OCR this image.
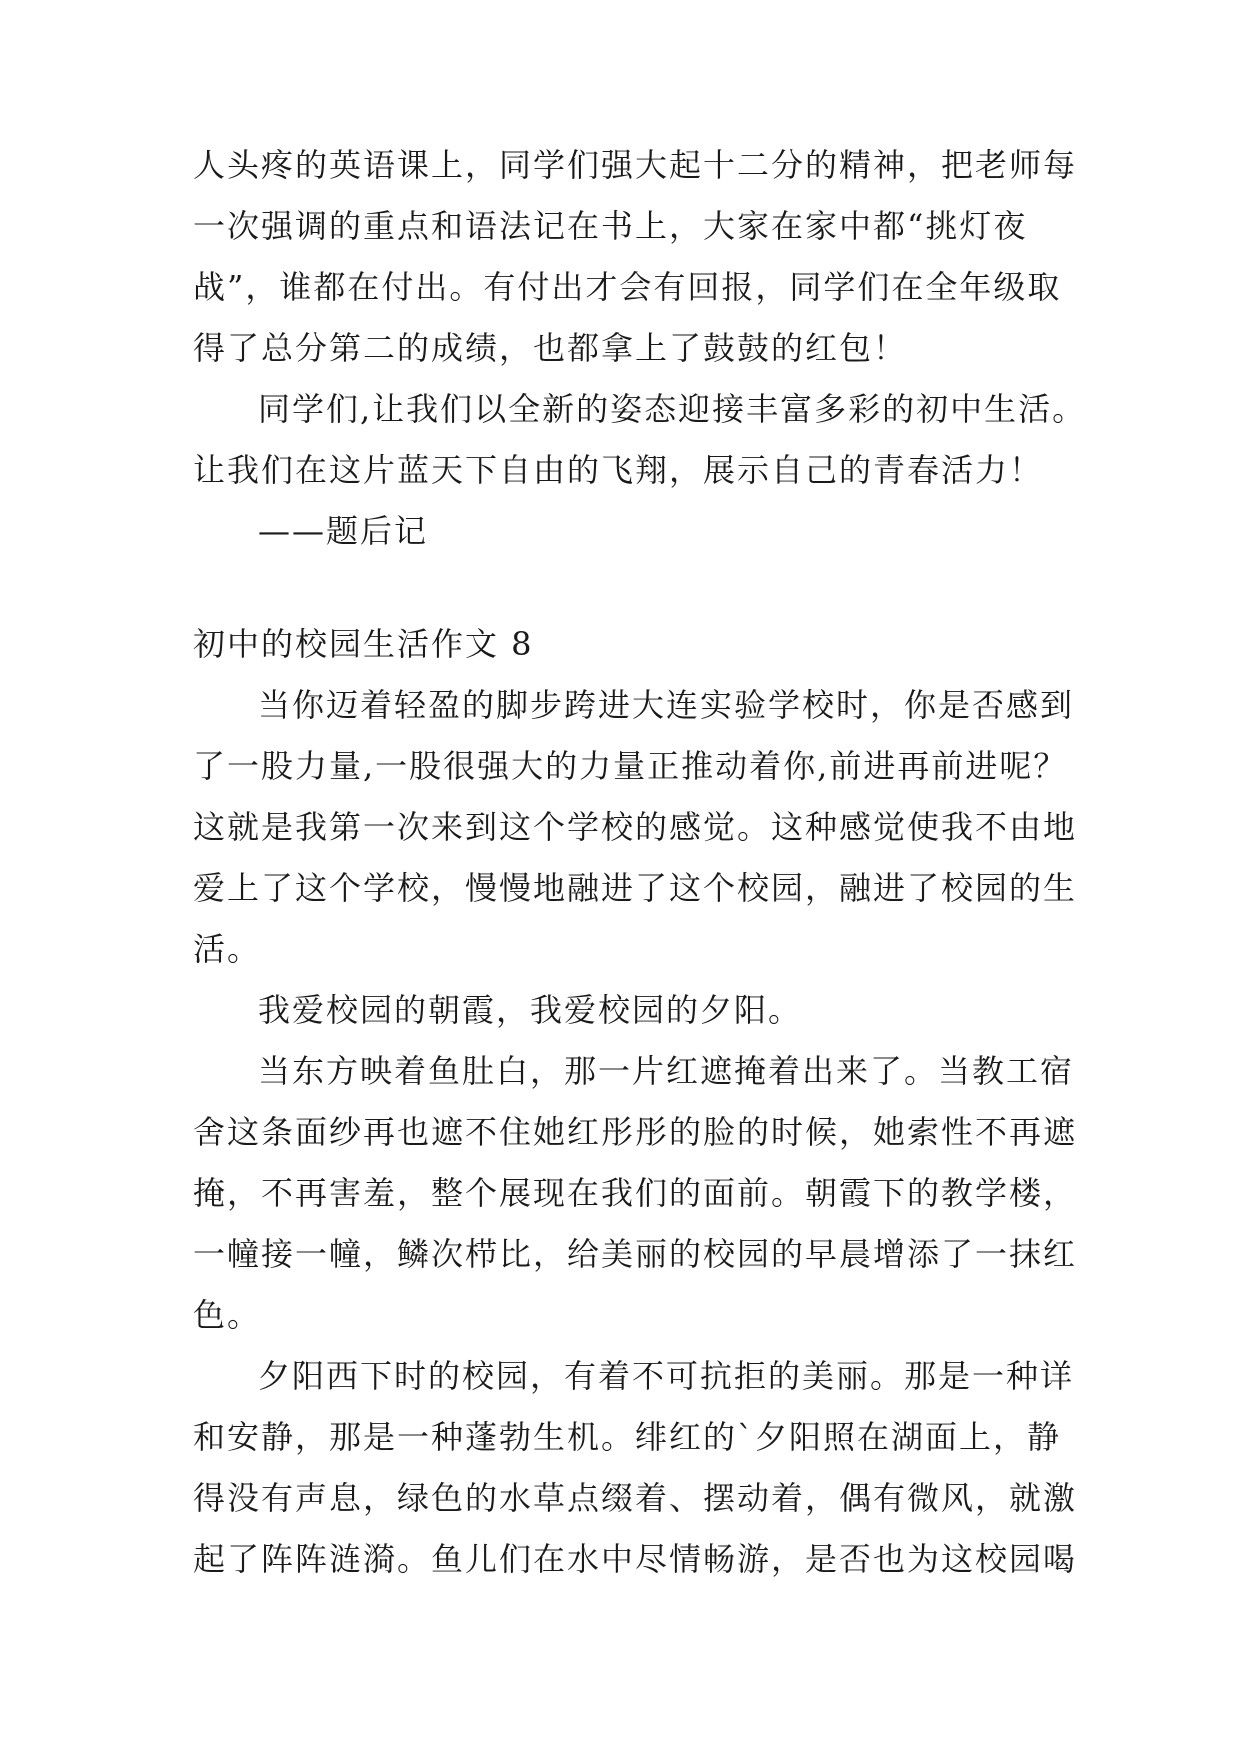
人头疼的英语课上，同学们强大起十二分的精神，把老师每
一次强调的重点和语法记在书上，大家在家中都“挑灯夜
战”，谁都在付出。有付出才会有回报，同学们在全年级取
得了总分第二的成绩，也都拿上了鼓鼓的红包！
同学们,让我们以全新的姿态迎接丰富多彩的初中生活。
让我们在这片蓝天下自由的飞翔，展示自己的青春活力！
——题后记
初中的校园生活作文 8
当你迈着轻盈的脚步跨进大连实验学校时，你是否感到
了一股力量,一股很强大的力量正推动着你,前进再前进呢？
这就是我第一次来到这个学校的感觉。这种感觉使我不由地
爱上了这个学校，慢慢地融进了这个校园，融进了校园的生
活。
我爱校园的朝霞，我爱校园的夕阳。
当东方映着鱼肚白，那一片红遮掩着出来了。当教工宿
舍这条面纱再也遮不住她红彤彤的脸的时候，她索性不再遮
掩，不再害羞，整个展现在我们的面前。朝霞下的教学楼，
一幢接一幢，鳞次栉比，给美丽的校园的早晨增添了一抹红
色。
夕阳西下时的校园，有着不可抗拒的美丽。那是一种详
和安静，那是一种蓬勃生机。绯红的`夕阳照在湖面上，静
得没有声息，绿色的水草点缀着、摆动着，偶有微风，就激
起了阵阵涟漪。鱼儿们在水中尽情畅游，是否也为这校园喝
